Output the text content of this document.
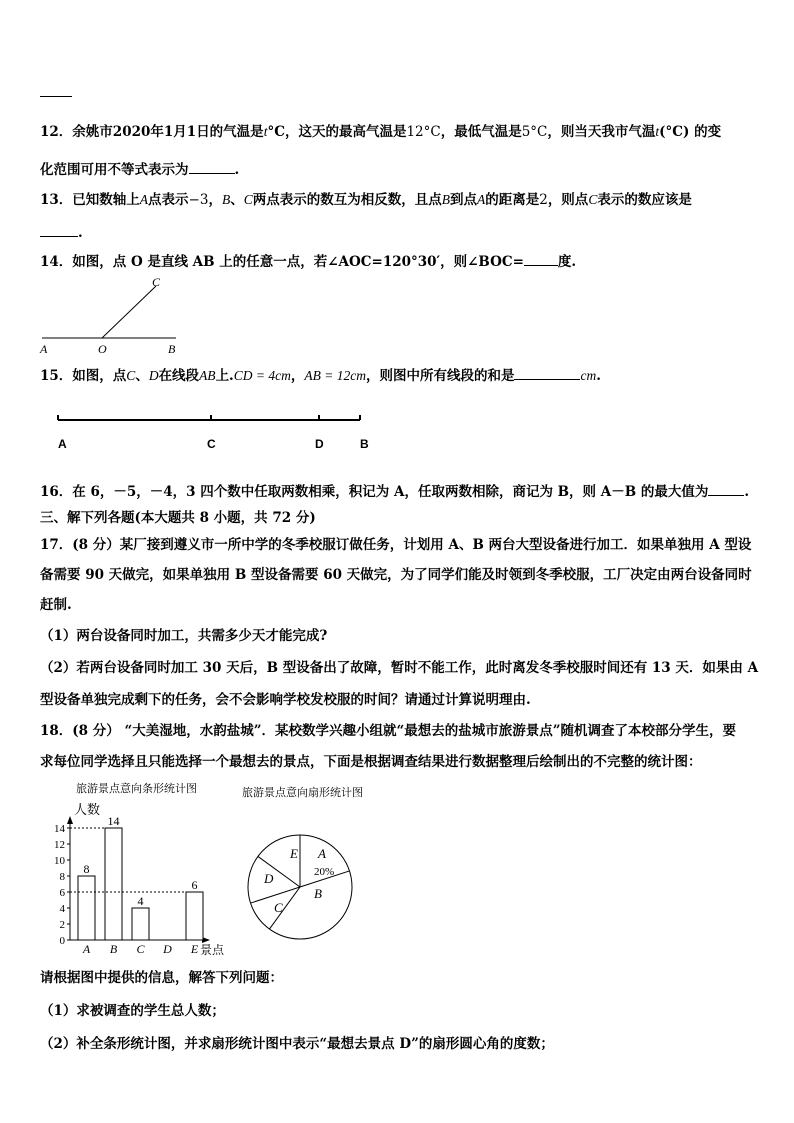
12．余姚市2020年1月1日的气温是t°C，这天的最高气温是12°C，最低气温是5°C，则当天我市气温t(°C) 的变
化范围可用不等式表示为	.
13．已知数轴上A点表示−3，B、C两点表示的数互为相反数，且点B到点A的距离是2，则点C表示的数应该是
.
14．如图，点 O 是直线 AB 上的任意一点，若∠AOC=120°30′，则∠BOC=	度.
C
A	O	B
15．如图，点C、D在线段AB上.CD = 4cm，AB = 12cm，则图中所有线段的和是	cm.
A	C	D	B
16．在 6，－5，－4，3 四个数中任取两数相乘，积记为 A，任取两数相除，商记为 B，则 A－B 的最大值为	.
三、解下列各题(本大题共 8 小题，共 72 分)
17．(8 分）某厂接到遵义市一所中学的冬季校服订做任务，计划用 A、B 两台大型设备进行加工．如果单独用 A 型设
备需要 90 天做完，如果单独用 B 型设备需要 60 天做完，为了同学们能及时领到冬季校服，工厂决定由两台设备同时
赶制.
（1）两台设备同时加工，共需多少天才能完成?
（2）若两台设备同时加工 30 天后，B 型设备出了故障，暂时不能工作，此时离发冬季校服时间还有 13 天．如果由 A
型设备单独完成剩下的任务，会不会影响学校发校服的时间？请通过计算说明理由.
18．(8 分） “大美湿地，水韵盐城”．某校数学兴趣小组就“最想去的盐城市旅游景点”随机调查了本校部分学生，要
求每位同学选择且只能选择一个最想去的景点，下面是根据调查结果进行数据整理后绘制出的不完整的统计图：
旅游景点意向条形统计图
人数
景点
0
2
4
6
8
10
12
14
8
A
14
B
4
C D
6
E
旅游景点意向扇形统计图
A
B
C
D
E
20%
请根据图中提供的信息，解答下列问题：
（1）求被调查的学生总人数；
（2）补全条形统计图，并求扇形统计图中表示“最想去景点 D”的扇形圆心角的度数；
